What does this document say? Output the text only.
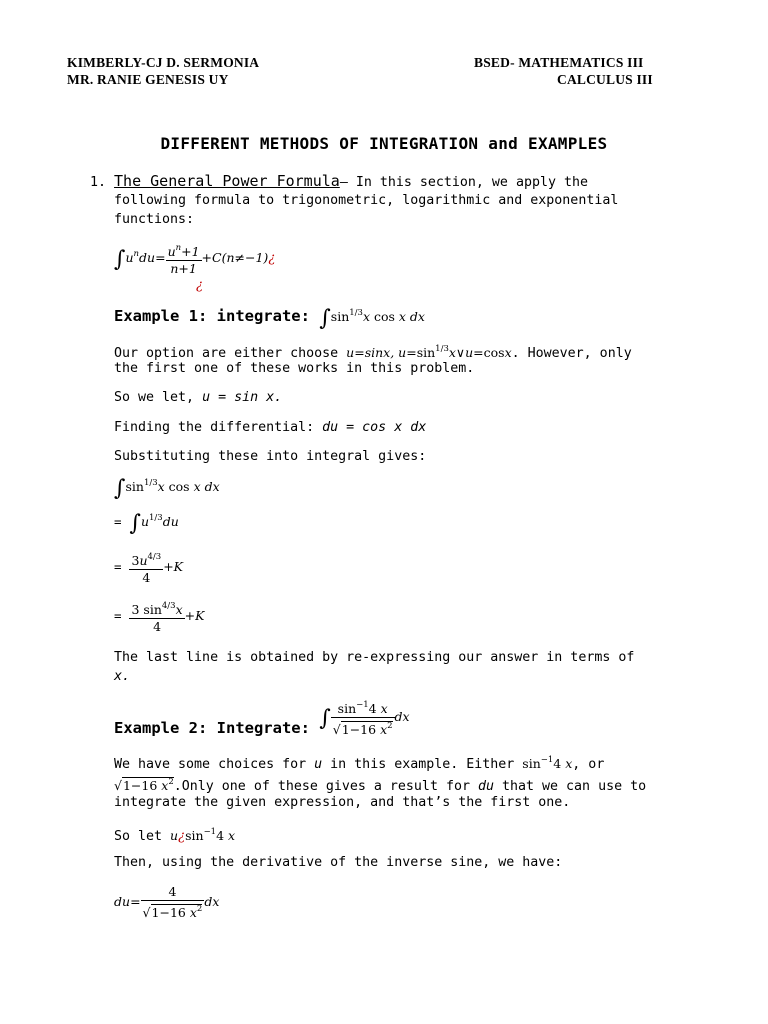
KIMBERLY-CJ D. SERMONIA
MR. RANIE GENESIS UY
BSED- MATHEMATICS III
CALCULUS III
DIFFERENT METHODS OF INTEGRATION and EXAMPLES
1. The General Power Formula– In this section, we apply the
following formula to trigonometric, logarithmic and exponential
functions:
$\int u^ndu= \frac{u^n+1}{n+1}$ +C(n≠−1)¿
¿
Example 1: integrate: $\int\sin^{1/3}x$ cos x dx
Our option are either choose u=sinx, $u=\sin^{1/3}x\vee u=\cos x$. However, only
the first one of these works in this problem.
So we let, u = sin x.
Finding the differential: du = cos x dx
Substituting these into integral gives:
$\int\sin^{1/3}x$ cos x dx
= $\int u^{1/3}du$
= $\frac{3u^{4/3}}{4} +K$
= $\frac{3 \sin^{4/3}x}{4} +K$
The last line is obtained by re-expressing our answer in terms of
x.
Example 2: Integrate: ∫ $\frac{\sin^{-1}4 x}{√1-16 x^2}$ dx
We have some choices for u in this example. Either $\sin^{-1}4$ x, or
√1−16 $x^2.Only$ one of these gives a result for du that we can use to
integrate the given expression, and that’s the first one.
So let $u¿\sin^{-1}4$ x
Then, using the derivative of the inverse sine, we have:
$du= \frac{4}{√1-16 x^2}$ dx
